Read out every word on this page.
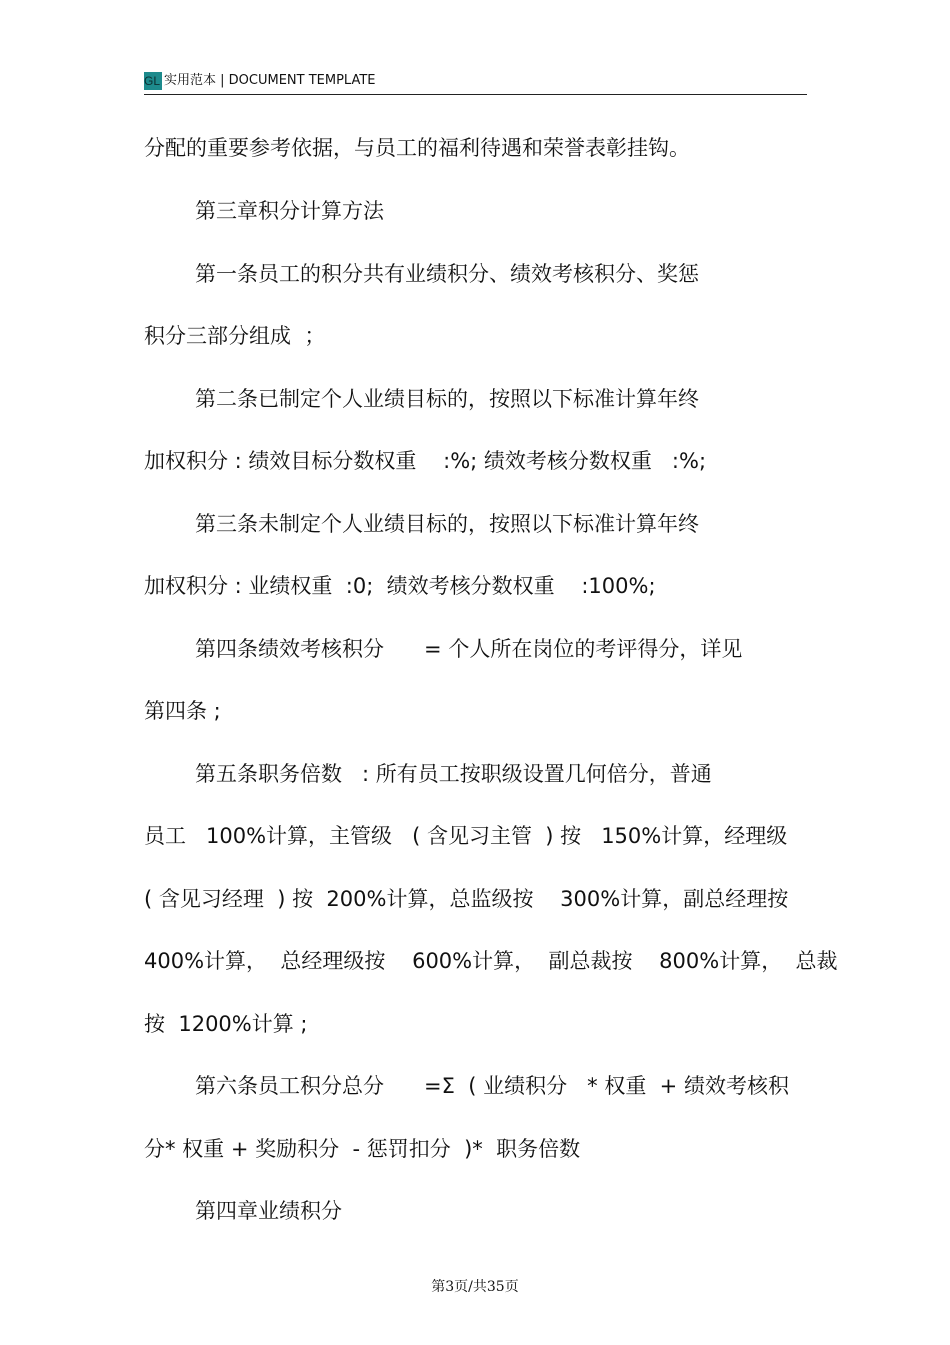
GL 实用范本 | DOCUMENT TEMPLATE
分配的重要参考依据，与员工的福利待遇和荣誉表彰挂钩。
第三章积分计算方法
第一条员工的积分共有业绩积分、绩效考核积分、奖惩
积分三部分组成  ；
第二条已制定个人业绩目标的，按照以下标准计算年终
加权积分 : 绩效目标分数权重    :%; 绩效考核分数权重   :%;
第三条未制定个人业绩目标的，按照以下标准计算年终
加权积分 : 业绩权重  :0;  绩效考核分数权重    :100%;
第四条绩效考核积分      = 个人所在岗位的考评得分，详见
第四条 ;
第五条职务倍数   : 所有员工按职级设置几何倍分，普通
员工   100%计算，主管级   ( 含见习主管  ) 按   150%计算，经理级
( 含见习经理  ) 按  200%计算，总监级按    300%计算，副总经理按
400%计算，  总经理级按    600%计算，  副总裁按    800%计算，  总裁
按  1200%计算 ;
第六条员工积分总分      =Σ  ( 业绩积分   * 权重  + 绩效考核积
分* 权重 + 奖励积分  - 惩罚扣分  )*  职务倍数
第四章业绩积分
第3页/共35页
